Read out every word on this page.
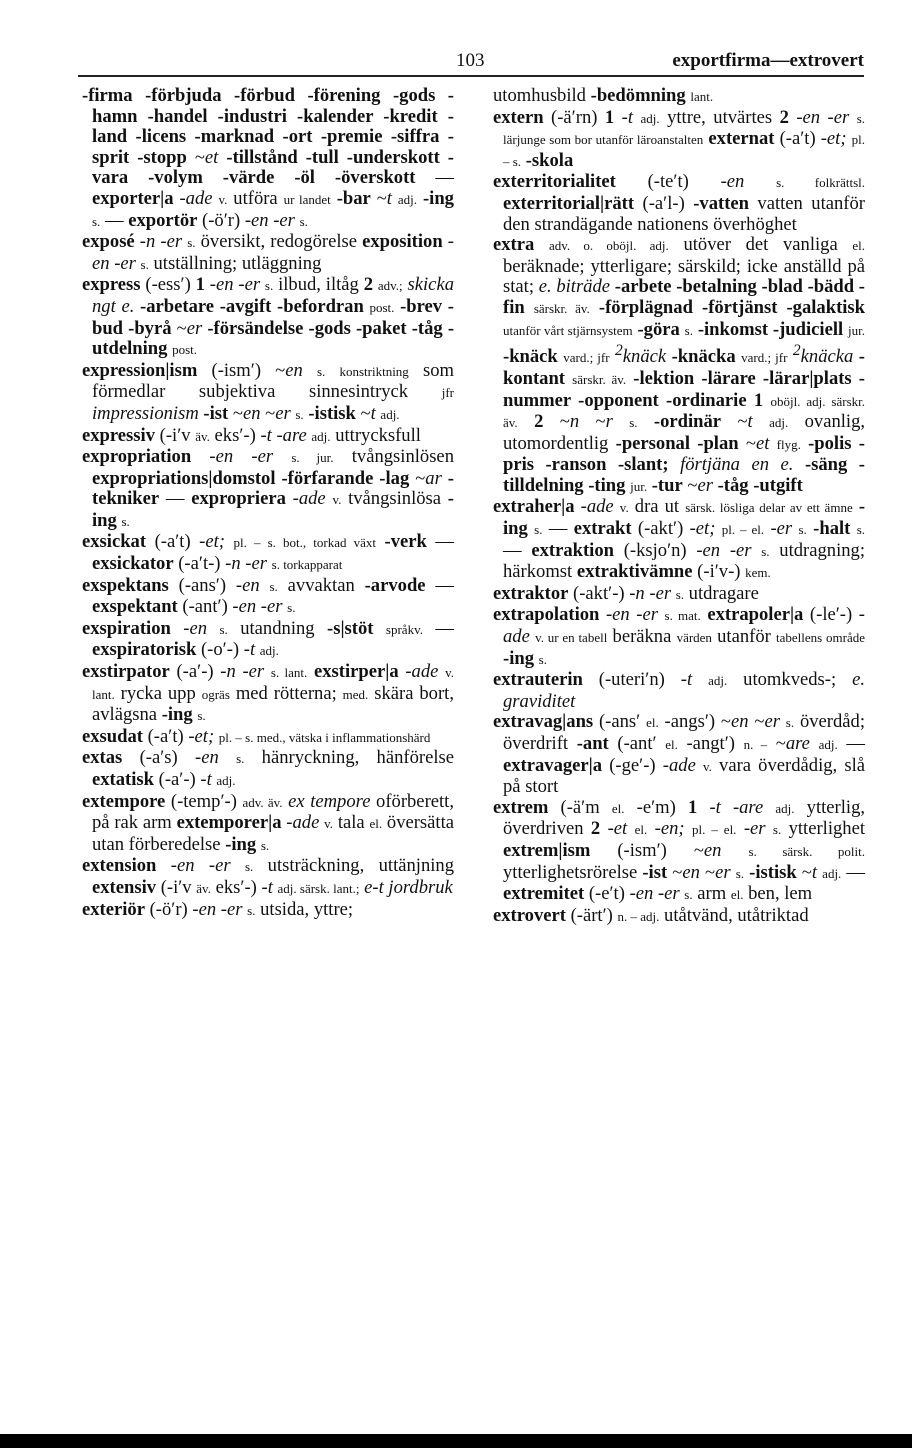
103	exportfirma—extrovert

-firma -förbjuda -förbud -förening -gods -hamn -handel -industri -kalender -kredit -land -licens -marknad -ort -premie -siffra -sprit -stopp ~et -tillstånd -tull -underskott -vara -volym -värde -öl -överskott — exporter|a -ade v. utföra ur landet -bar ~t adj. -ing s. — exportör (-ö′r) -en -er s.

exposé -n -er s. översikt, redogörelse exposition -en -er s. utställning; utläggning

express (-ess′) 1 -en -er s. ilbud, iltåg 2 adv.; skicka ngt e. -arbetare -avgift -befordran post. -brev -bud -byrå ~er -försändelse -gods -paket -tåg -utdelning post.

expression|ism (-ism′) ~en s. konstriktning som förmedlar subjektiva sinnesintryck jfr impressionism -ist ~en ~er s. -istisk ~t adj.

expressiv (-i′v äv. eks′-) -t -are adj. uttrycksfull

expropriation -en -er s. jur. tvångsinlösen expropriations|domstol -förfarande -lag ~ar -tekniker — expropriera -ade v. tvångsinlösa -ing s.

exsickat (-a′t) -et; pl. – s. bot., torkad växt -verk — exsickator (-a′t-) -n -er s. torkapparat

exspektans (-ans′) -en s. avvaktan -arvode — exspektant (-ant′) -en -er s.

exspiration -en s. utandning -s|stöt språkv. — exspiratorisk (-o′-) -t adj.

exstirpator (-a′-) -n -er s. lant. exstirper|a -ade v. lant. rycka upp ogräs med rötterna; med. skära bort, avlägsna -ing s.

exsudat (-a′t) -et; pl. – s. med., vätska i inflammationshärd

extas (-a′s) -en s. hänryckning, hänförelse extatisk (-a′-) -t adj.

extempore (-temp′-) adv. äv. ex tempore oförberett, på rak arm extemporer|a -ade v. tala el. översätta utan förberedelse -ing s.

extension -en -er s. utsträckning, uttänjning extensiv (-i′v äv. eks′-) -t adj. särsk. lant.; e-t jordbruk

exteriör (-ö′r) -en -er s. utsida, yttre;

utomhusbild -bedömning lant.

extern (-ä′rn) 1 -t adj. yttre, utvärtes 2 -en -er s. lärjunge som bor utanför läroanstalten externat (-a′t) -et; pl. – s. -skola

exterritorialitet (-te′t) -en s. folkrättsl. exterritorial|rätt (-a′l-) -vatten vatten utanför den strandägande nationens överhöghet

extra adv. o. oböjl. adj. utöver det vanliga el. beräknade; ytterligare; särskild; icke anställd på stat; e. biträde -arbete -betalning -blad -bädd -fin särskr. äv. -förplägnad -förtjänst -galaktisk utanför vårt stjärnsystem -göra s. -inkomst -judiciell jur. -knäck vard.; jfr $^2$knäck -knäcka vard.; jfr $^2$knäcka -kontant särskr. äv. -lektion -lärare -lärar|plats -nummer -opponent -ordinarie 1 oböjl. adj. särskr. äv. 2 ~n ~r s. -ordinär ~t adj. ovanlig, utomordentlig -personal -plan ~et flyg. -polis -pris -ranson -slant; förtjäna en e. -säng -tilldelning -ting jur. -tur ~er -tåg -utgift

extraher|a -ade v. dra ut särsk. lösliga delar av ett ämne -ing s. — extrakt (-akt′) -et; pl. – el. -er s. -halt s. — extraktion (-ksjo′n) -en -er s. utdragning; härkomst extraktivämne (-i′v-) kem.

extraktor (-akt′-) -n -er s. utdragare

extrapolation -en -er s. mat. extrapoler|a (-le′-) -ade v. ur en tabell beräkna värden utanför tabellens område -ing s.

extrauterin (-uteri′n) -t adj. utomkveds-; e. graviditet

extravag|ans (-ans′ el. -angs′) ~en ~er s. överdåd; överdrift -ant (-ant′ el. -angt′) n. – ~are adj. — extravager|a (-ge′-) -ade v. vara överdådig, slå på stort

extrem (-ä′m el. -e′m) 1 -t -are adj. ytterlig, överdriven 2 -et el. -en; pl. – el. -er s. ytterlighet extrem|ism (-ism′) ~en s. särsk. polit. ytterlighetsrörelse -ist ~en ~er s. -istisk ~t adj. — extremitet (-e′t) -en -er s. arm el. ben, lem

extrovert (-ärt′) n. – adj. utåtvänd, utåtriktad
